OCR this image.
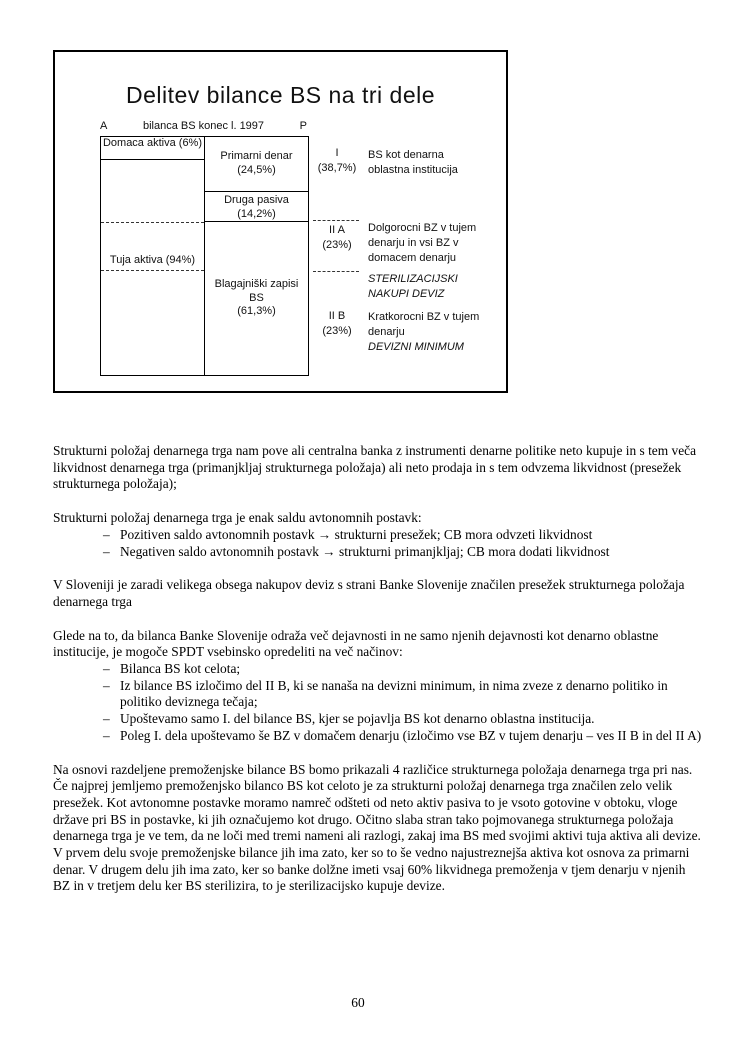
Delitev bilance BS na tri dele
A	bilanca BS konec l. 1997	P
Domaca aktiva (6%)
Primarni denar
(24,5%)
Druga pasiva
(14,2%)
Tuja aktiva (94%)
Blagajniški zapisi
BS
(61,3%)
I
(38,7%)
BS kot denarna
oblastna institucija
II A
(23%)
Dolgorocni BZ v tujem
denarju in vsi BZ v
domacem denarju
STERILIZACIJSKI
NAKUPI DEVIZ
II B
(23%)
Kratkorocni BZ v tujem
denarju
DEVIZNI MINIMUM

Strukturni položaj denarnega trga nam pove ali centralna banka z instrumenti denarne politike neto kupuje in s tem veča likvidnost denarnega trga (primanjkljaj strukturnega položaja) ali neto prodaja in s tem odvzema likvidnost (presežek strukturnega položaja);

Strukturni položaj denarnega trga je enak saldu avtonomnih postavk:

– Pozitiven saldo avtonomnih postavk → strukturni presežek; CB mora odvzeti likvidnost
– Negativen saldo avtonomnih postavk → strukturni primanjkljaj; CB mora dodati likvidnost

V Sloveniji je zaradi velikega obsega nakupov deviz s strani Banke Slovenije značilen presežek strukturnega položaja denarnega trga

Glede na to, da bilanca Banke Slovenije odraža več dejavnosti in ne samo njenih dejavnosti kot denarno oblastne institucije, je mogoče SPDT vsebinsko opredeliti na več načinov:

– Bilanca BS kot celota;
– Iz bilance BS izločimo del II B, ki se nanaša na devizni minimum, in nima zveze z denarno politiko in politiko deviznega tečaja;
– Upoštevamo samo I. del bilance BS, kjer se pojavlja BS kot denarno oblastna institucija.
– Poleg I. dela upoštevamo še BZ v domačem denarju (izločimo vse BZ v tujem denarju – ves II B in del II A)

Na osnovi razdeljene premoženjske bilance BS bomo prikazali 4 različice strukturnega položaja denarnega trga pri nas.

Če najprej jemljemo premoženjsko bilanco BS kot celoto je za strukturni položaj denarnega trga značilen zelo velik presežek. Kot avtonomne postavke moramo namreč odšteti od neto aktiv pasiva to je vsoto gotovine v obtoku, vloge države pri BS in postavke, ki jih označujemo kot drugo. Očitno slaba stran tako pojmovanega strukturnega položaja denarnega trga je ve tem, da ne loči med tremi nameni ali razlogi, zakaj ima BS med svojimi aktivi tuja aktiva ali devize. V prvem delu svoje premoženjske bilance jih ima zato, ker so to še vedno najustreznejša aktiva kot osnova za primarni denar. V drugem delu jih ima zato, ker so banke dolžne imeti vsaj 60% likvidnega premoženja v tjem denarju v njenih BZ in v tretjem delu ker BS sterilizira, to je sterilizacijsko kupuje devize.

60
